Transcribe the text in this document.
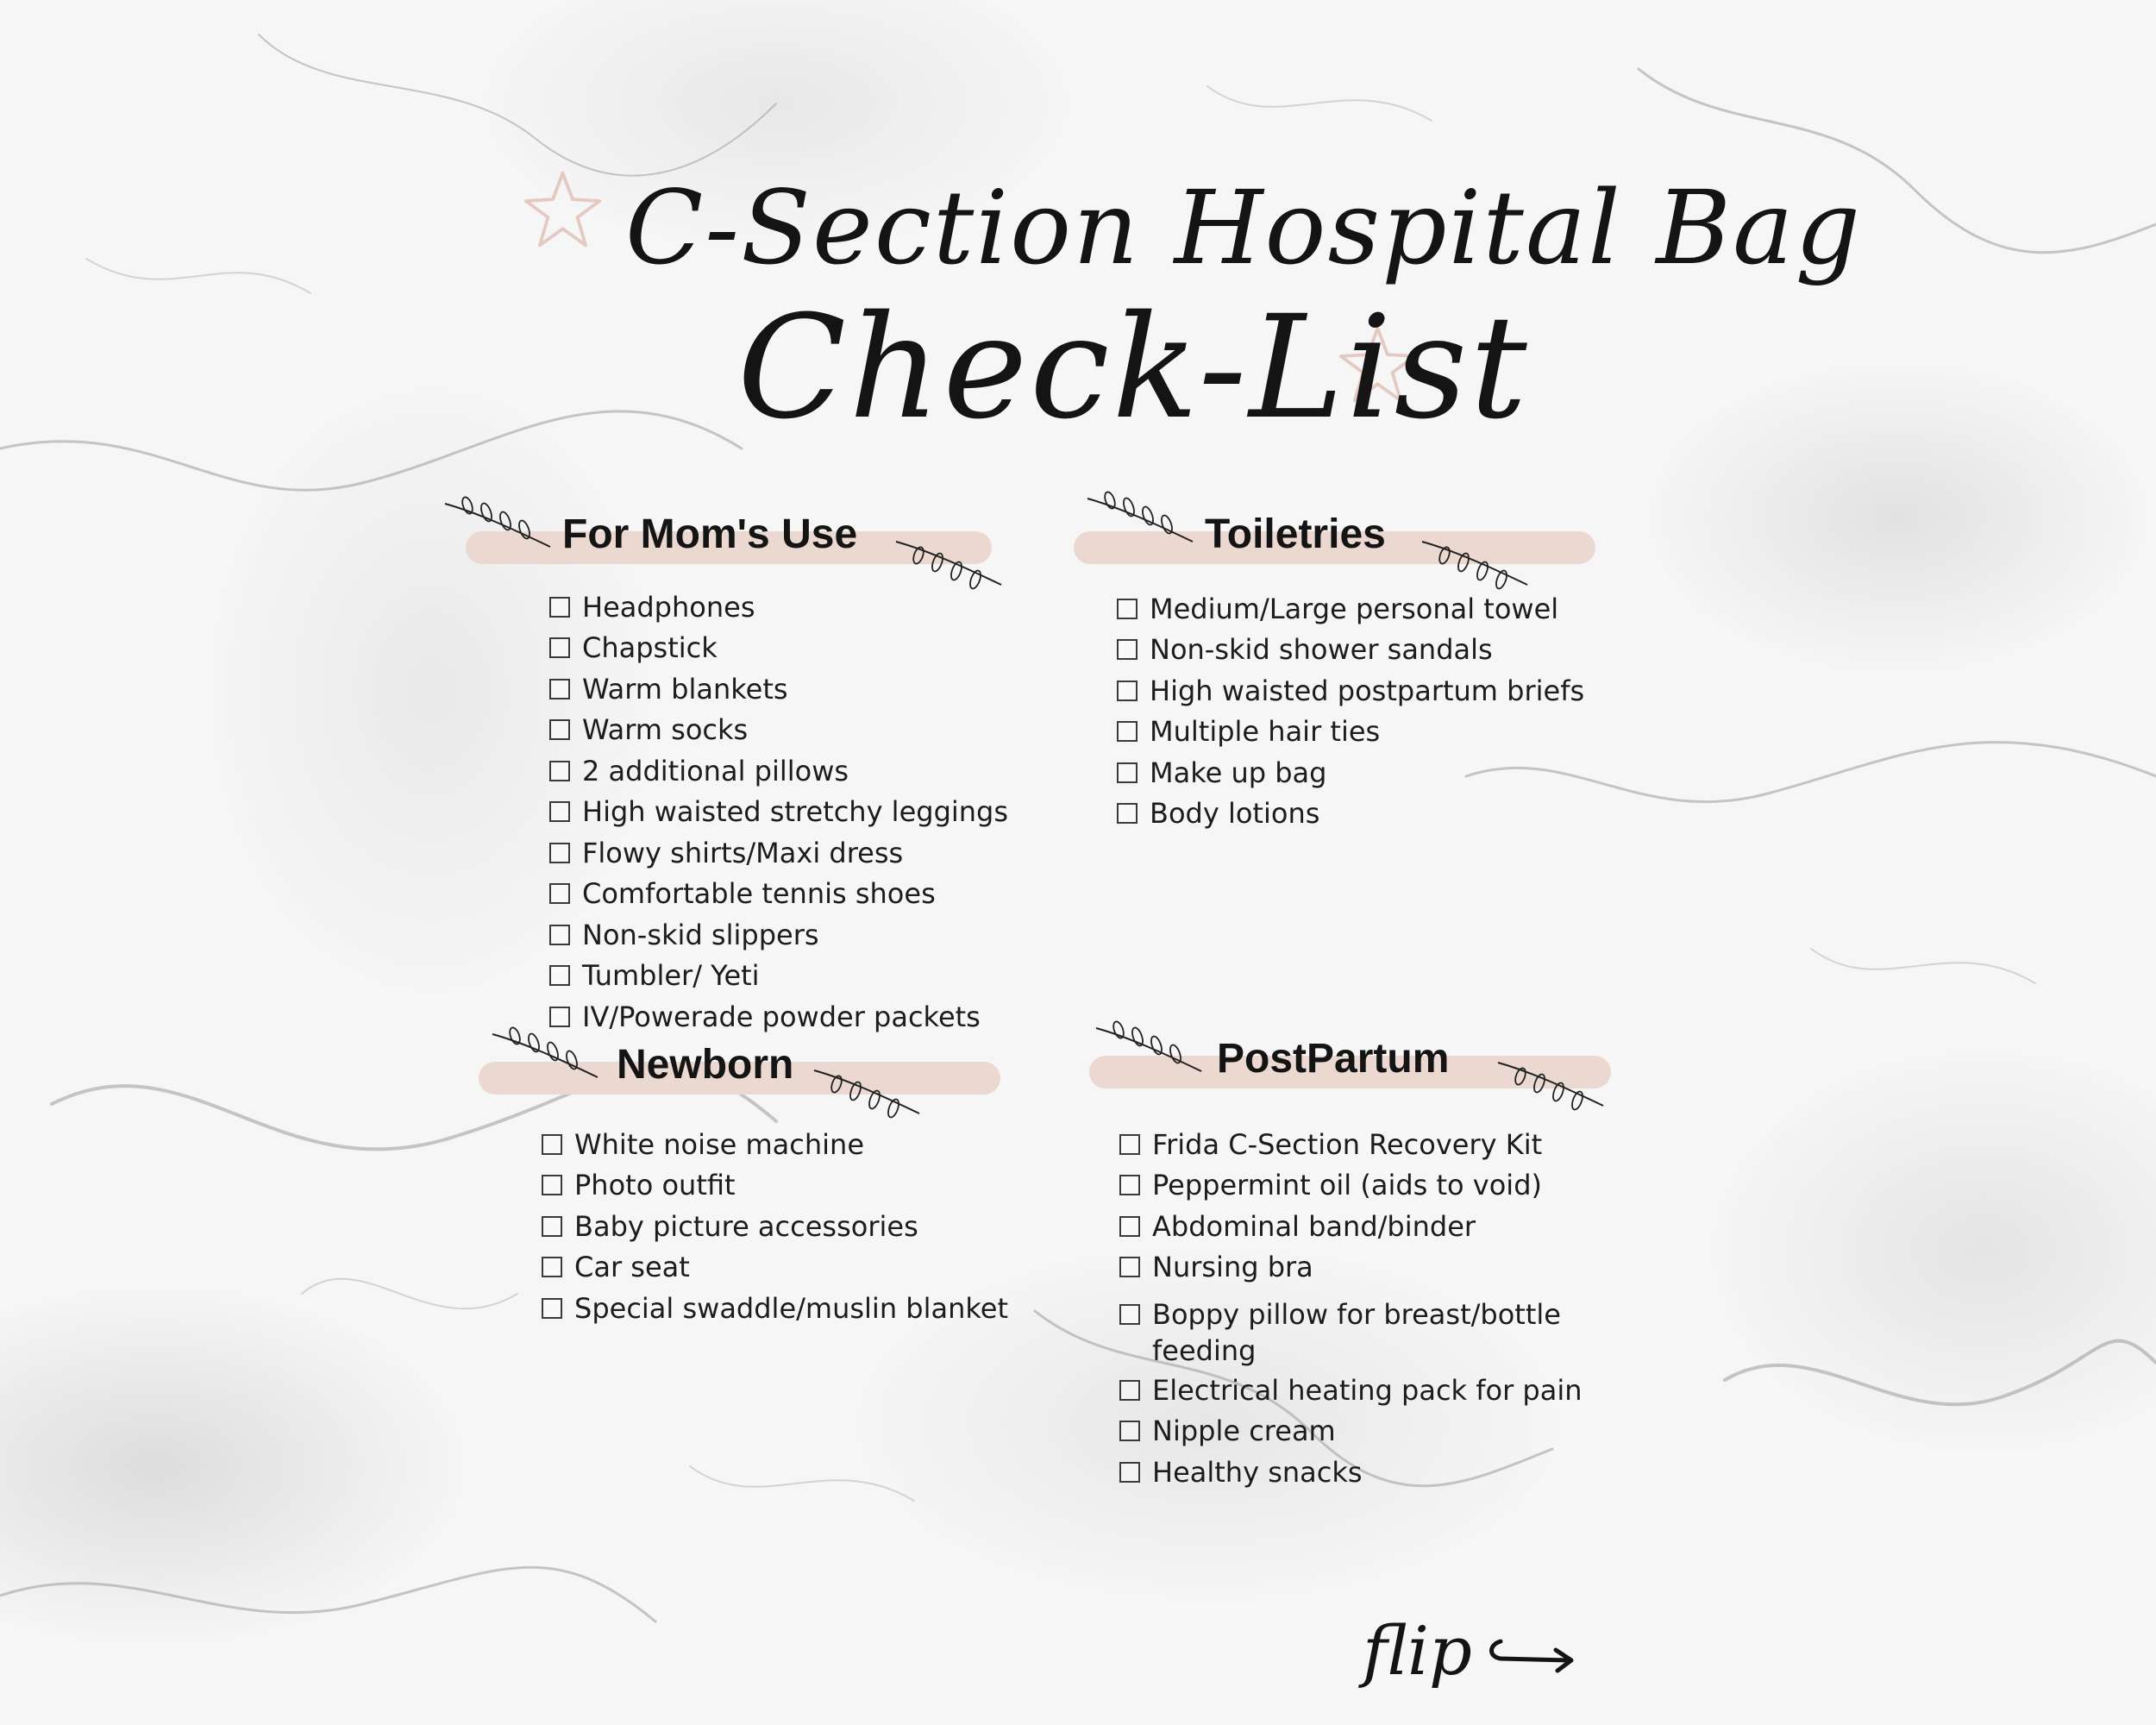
C-Section Hospital Bag
Check-List
For Mom's Use
Headphones
Chapstick
Warm blankets
Warm socks
2 additional pillows
High waisted stretchy leggings
Flowy shirts/Maxi dress
Comfortable tennis shoes
Non-skid slippers
Tumbler/ Yeti
IV/Powerade powder packets
Toiletries
Medium/Large personal towel
Non-skid shower sandals
High waisted postpartum briefs
Multiple hair ties
Make up bag
Body lotions
Newborn
White noise machine
Photo outfit
Baby picture accessories
Car seat
Special swaddle/muslin blanket
PostPartum
Frida C-Section Recovery Kit
Peppermint oil (aids to void)
Abdominal band/binder
Nursing bra
Boppy pillow for breast/bottle feeding
Electrical heating pack for pain
Nipple cream
Healthy snacks
flip
